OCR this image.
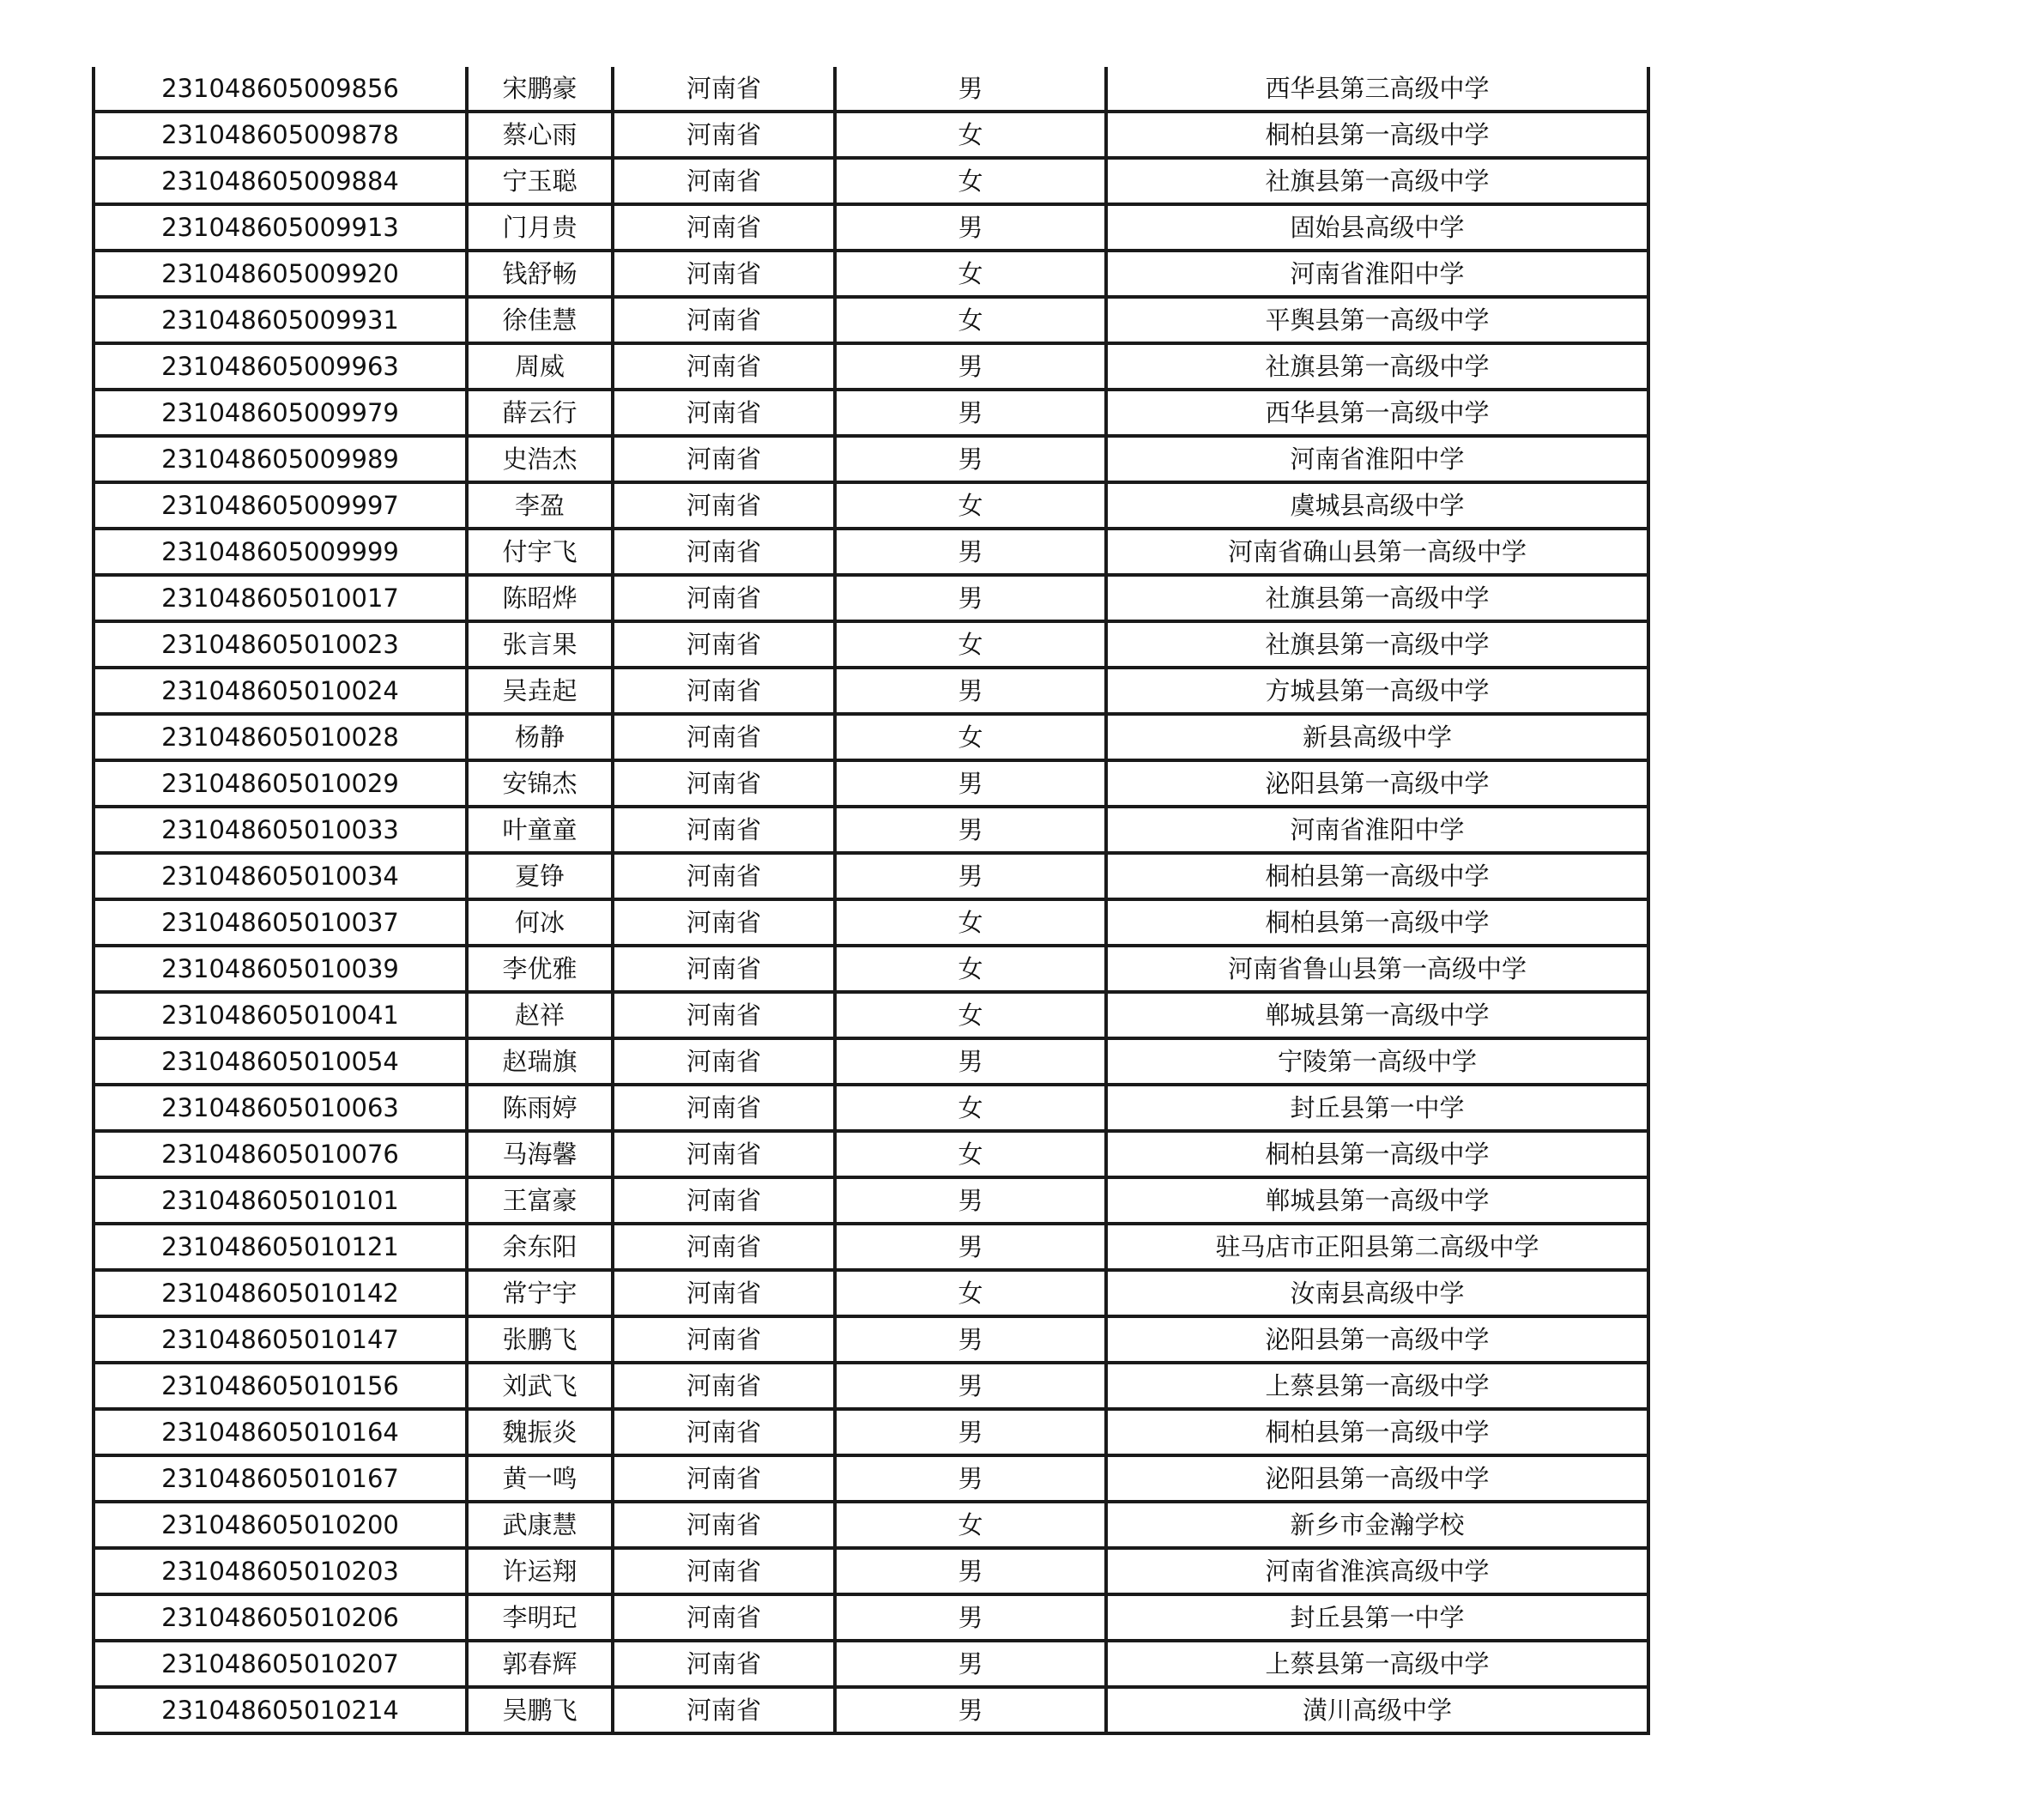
231048605009856	宋鹏豪	河南省	男	西华县第三高级中学
231048605009878	蔡心雨	河南省	女	桐柏县第一高级中学
231048605009884	宁玉聪	河南省	女	社旗县第一高级中学
231048605009913	门月贵	河南省	男	固始县高级中学
231048605009920	钱舒畅	河南省	女	河南省淮阳中学
231048605009931	徐佳慧	河南省	女	平舆县第一高级中学
231048605009963	周威	河南省	男	社旗县第一高级中学
231048605009979	薛云行	河南省	男	西华县第一高级中学
231048605009989	史浩杰	河南省	男	河南省淮阳中学
231048605009997	李盈	河南省	女	虞城县高级中学
231048605009999	付宇飞	河南省	男	河南省确山县第一高级中学
231048605010017	陈昭烨	河南省	男	社旗县第一高级中学
231048605010023	张言果	河南省	女	社旗县第一高级中学
231048605010024	吴垚起	河南省	男	方城县第一高级中学
231048605010028	杨静	河南省	女	新县高级中学
231048605010029	安锦杰	河南省	男	泌阳县第一高级中学
231048605010033	叶童童	河南省	男	河南省淮阳中学
231048605010034	夏铮	河南省	男	桐柏县第一高级中学
231048605010037	何冰	河南省	女	桐柏县第一高级中学
231048605010039	李优雅	河南省	女	河南省鲁山县第一高级中学
231048605010041	赵祥	河南省	女	郸城县第一高级中学
231048605010054	赵瑞旗	河南省	男	宁陵第一高级中学
231048605010063	陈雨婷	河南省	女	封丘县第一中学
231048605010076	马海馨	河南省	女	桐柏县第一高级中学
231048605010101	王富豪	河南省	男	郸城县第一高级中学
231048605010121	余东阳	河南省	男	驻马店市正阳县第二高级中学
231048605010142	常宁宇	河南省	女	汝南县高级中学
231048605010147	张鹏飞	河南省	男	泌阳县第一高级中学
231048605010156	刘武飞	河南省	男	上蔡县第一高级中学
231048605010164	魏振炎	河南省	男	桐柏县第一高级中学
231048605010167	黄一鸣	河南省	男	泌阳县第一高级中学
231048605010200	武康慧	河南省	女	新乡市金瀚学校
231048605010203	许运翔	河南省	男	河南省淮滨高级中学
231048605010206	李明玘	河南省	男	封丘县第一中学
231048605010207	郭春辉	河南省	男	上蔡县第一高级中学
231048605010214	吴鹏飞	河南省	男	潢川高级中学
